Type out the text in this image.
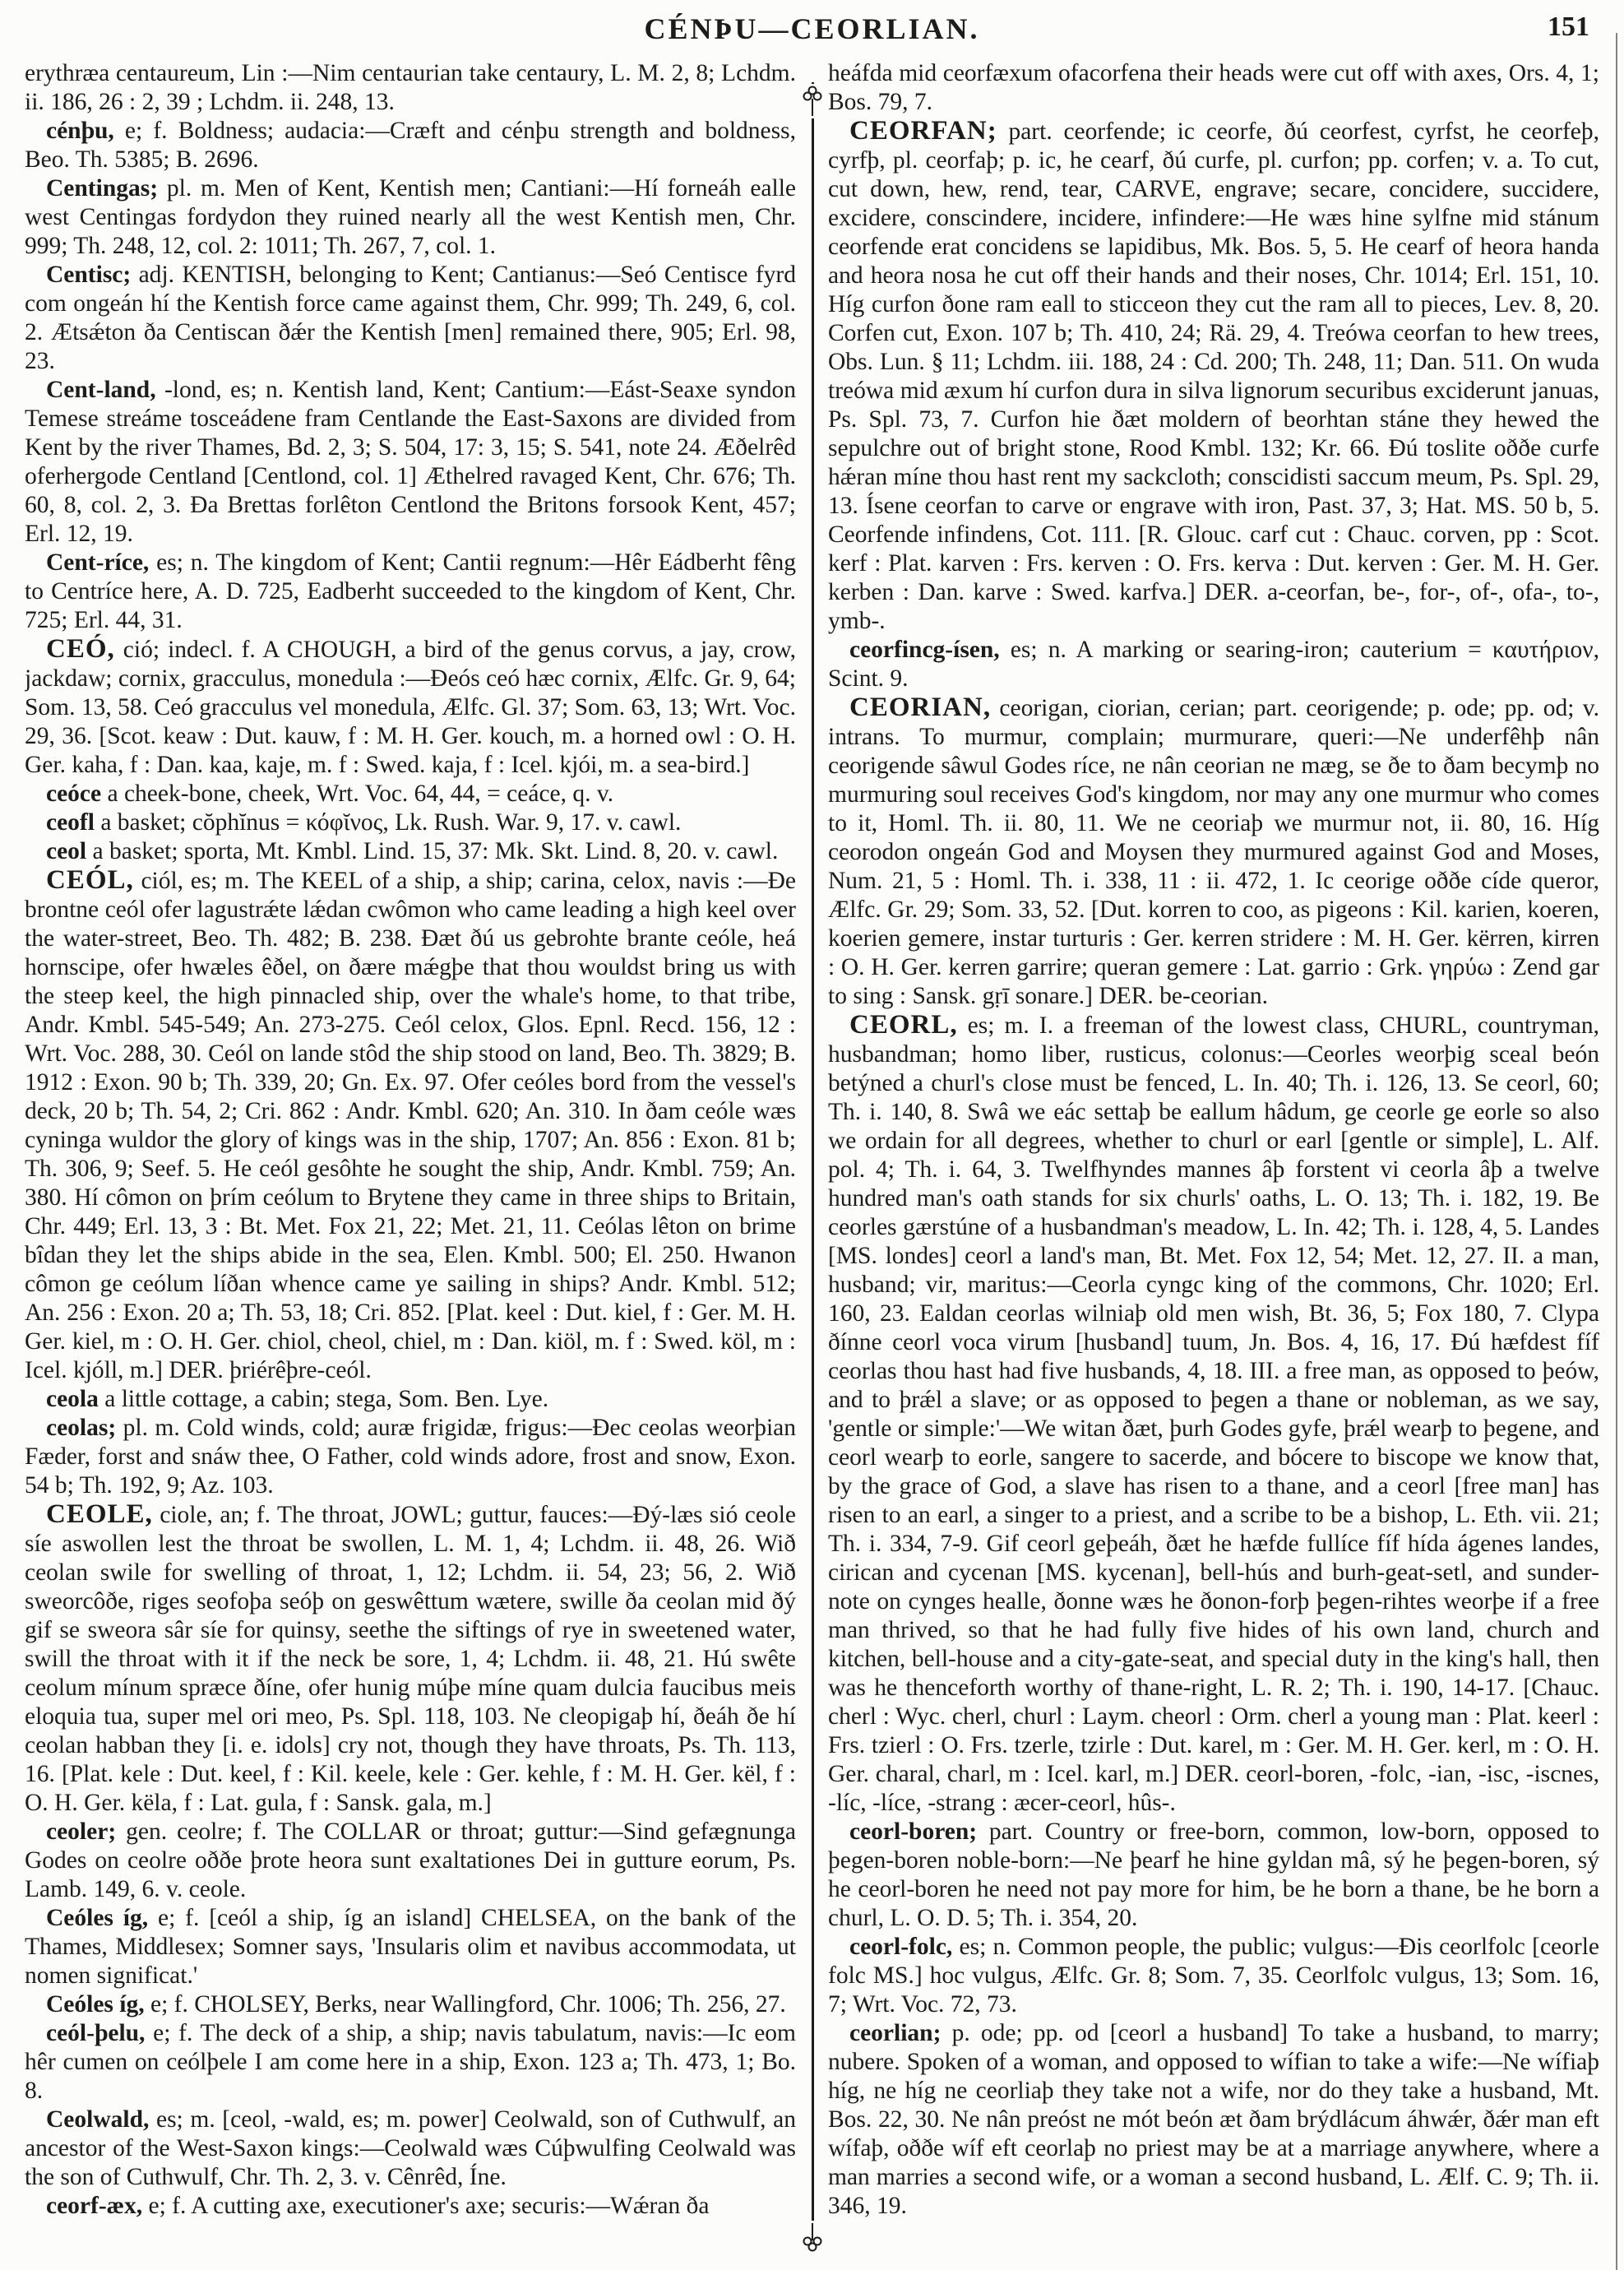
CÉNÞU—CEORLIAN.	151

erythræa centaureum, Lin :—Nim centaurian take centaury, L. M. 2, 8; Lchdm. ii. 186, 26 : 2, 39 ; Lchdm. ii. 248, 13.

cénþu, e; f. Boldness; audacia:—Cræft and cénþu strength and boldness, Beo. Th. 5385; B. 2696.

Centingas; pl. m. Men of Kent, Kentish men; Cantiani:—Hí forneáh ealle west Centingas fordydon they ruined nearly all the west Kentish men, Chr. 999; Th. 248, 12, col. 2: 1011; Th. 267, 7, col. 1.

Centisc; adj. KENTISH, belonging to Kent; Cantianus:—Seó Centisce fyrd com ongeán hí the Kentish force came against them, Chr. 999; Th. 249, 6, col. 2. Ætsǽton ða Centiscan ðǽr the Kentish [men] remained there, 905; Erl. 98, 23.

Cent-land, -lond, es; n. Kentish land, Kent; Cantium:—Eást-Seaxe syndon Temese streáme tosceádene fram Centlande the East-Saxons are divided from Kent by the river Thames, Bd. 2, 3; S. 504, 17: 3, 15; S. 541, note 24. Æðelrêd oferhergode Centland [Centlond, col. 1] Æthelred ravaged Kent, Chr. 676; Th. 60, 8, col. 2, 3. Ða Brettas forlêton Centlond the Britons forsook Kent, 457; Erl. 12, 19.

Cent-ríce, es; n. The kingdom of Kent; Cantii regnum:—Hêr Eádberht fêng to Centríce here, A. D. 725, Eadberht succeeded to the kingdom of Kent, Chr. 725; Erl. 44, 31.

CEÓ, ció; indecl. f. A CHOUGH, a bird of the genus corvus, a jay, crow, jackdaw; cornix, gracculus, monedula :—Ðeós ceó hæc cornix, Ælfc. Gr. 9, 64; Som. 13, 58. Ceó gracculus vel monedula, Ælfc. Gl. 37; Som. 63, 13; Wrt. Voc. 29, 36. [Scot. keaw : Dut. kauw, f : M. H. Ger. kouch, m. a horned owl : O. H. Ger. kaha, f : Dan. kaa, kaje, m. f : Swed. kaja, f : Icel. kjói, m. a sea-bird.]

ceóce a cheek-bone, cheek, Wrt. Voc. 64, 44, = ceáce, q. v.

ceofl a basket; cŏphĭnus = κόφῐνος, Lk. Rush. War. 9, 17. v. cawl.

ceol a basket; sporta, Mt. Kmbl. Lind. 15, 37: Mk. Skt. Lind. 8, 20. v. cawl.

CEÓL, ciól, es; m. The KEEL of a ship, a ship; carina, celox, navis :—Ðe brontne ceól ofer lagustrǽte lǽdan cwômon who came leading a high keel over the water-street, Beo. Th. 482; B. 238. Ðæt ðú us gebrohte brante ceóle, heá hornscipe, ofer hwæles êðel, on ðære mǽgþe that thou wouldst bring us with the steep keel, the high pinnacled ship, over the whale's home, to that tribe, Andr. Kmbl. 545-549; An. 273-275. Ceól celox, Glos. Epnl. Recd. 156, 12 : Wrt. Voc. 288, 30. Ceól on lande stôd the ship stood on land, Beo. Th. 3829; B. 1912 : Exon. 90 b; Th. 339, 20; Gn. Ex. 97. Ofer ceóles bord from the vessel's deck, 20 b; Th. 54, 2; Cri. 862 : Andr. Kmbl. 620; An. 310. In ðam ceóle wæs cyninga wuldor the glory of kings was in the ship, 1707; An. 856 : Exon. 81 b; Th. 306, 9; Seef. 5. He ceól gesôhte he sought the ship, Andr. Kmbl. 759; An. 380. Hí cômon on þrím ceólum to Brytene they came in three ships to Britain, Chr. 449; Erl. 13, 3 : Bt. Met. Fox 21, 22; Met. 21, 11. Ceólas lêton on brime bîdan they let the ships abide in the sea, Elen. Kmbl. 500; El. 250. Hwanon cômon ge ceólum líðan whence came ye sailing in ships? Andr. Kmbl. 512; An. 256 : Exon. 20 a; Th. 53, 18; Cri. 852. [Plat. keel : Dut. kiel, f : Ger. M. H. Ger. kiel, m : O. H. Ger. chiol, cheol, chiel, m : Dan. kiöl, m. f : Swed. köl, m : Icel. kjóll, m.] DER. þriérêþre-ceól.

ceola a little cottage, a cabin; stega, Som. Ben. Lye.

ceolas; pl. m. Cold winds, cold; auræ frigidæ, frigus:—Ðec ceolas weorþian Fæder, forst and snáw thee, O Father, cold winds adore, frost and snow, Exon. 54 b; Th. 192, 9; Az. 103.

CEOLE, ciole, an; f. The throat, JOWL; guttur, fauces:—Ðý-læs sió ceole síe aswollen lest the throat be swollen, L. M. 1, 4; Lchdm. ii. 48, 26. Wið ceolan swile for swelling of throat, 1, 12; Lchdm. ii. 54, 23; 56, 2. Wið sweorcôðe, riges seofoþa seóþ on geswêttum wætere, swille ða ceolan mid ðý gif se sweora sâr síe for quinsy, seethe the siftings of rye in sweetened water, swill the throat with it if the neck be sore, 1, 4; Lchdm. ii. 48, 21. Hú swête ceolum mínum spræce ðíne, ofer hunig múþe míne quam dulcia faucibus meis eloquia tua, super mel ori meo, Ps. Spl. 118, 103. Ne cleopigaþ hí, ðeáh ðe hí ceolan habban they [i. e. idols] cry not, though they have throats, Ps. Th. 113, 16. [Plat. kele : Dut. keel, f : Kil. keele, kele : Ger. kehle, f : M. H. Ger. kël, f : O. H. Ger. këla, f : Lat. gula, f : Sansk. gala, m.]

ceoler; gen. ceolre; f. The COLLAR or throat; guttur:—Sind gefægnunga Godes on ceolre oððe þrote heora sunt exaltationes Dei in gutture eorum, Ps. Lamb. 149, 6. v. ceole.

Ceóles íg, e; f. [ceól a ship, íg an island] CHELSEA, on the bank of the Thames, Middlesex; Somner says, 'Insularis olim et navibus accommodata, ut nomen significat.'

Ceóles íg, e; f. CHOLSEY, Berks, near Wallingford, Chr. 1006; Th. 256, 27.

ceól-þelu, e; f. The deck of a ship, a ship; navis tabulatum, navis:—Ic eom hêr cumen on ceólþele I am come here in a ship, Exon. 123 a; Th. 473, 1; Bo. 8.

Ceolwald, es; m. [ceol, -wald, es; m. power] Ceolwald, son of Cuthwulf, an ancestor of the West-Saxon kings:—Ceolwald wæs Cúþwulfing Ceolwald was the son of Cuthwulf, Chr. Th. 2, 3. v. Cênrêd, Íne.

ceorf-æx, e; f. A cutting axe, executioner's axe; securis:—Wǽran ða

heáfda mid ceorfæxum ofacorfena their heads were cut off with axes, Ors. 4, 1; Bos. 79, 7.

CEORFAN; part. ceorfende; ic ceorfe, ðú ceorfest, cyrfst, he ceorfeþ, cyrfþ, pl. ceorfaþ; p. ic, he cearf, ðú curfe, pl. curfon; pp. corfen; v. a. To cut, cut down, hew, rend, tear, CARVE, engrave; secare, concidere, succidere, excidere, conscindere, incidere, infindere:—He wæs hine sylfne mid stánum ceorfende erat concidens se lapidibus, Mk. Bos. 5, 5. He cearf of heora handa and heora nosa he cut off their hands and their noses, Chr. 1014; Erl. 151, 10. Híg curfon ðone ram eall to sticceon they cut the ram all to pieces, Lev. 8, 20. Corfen cut, Exon. 107 b; Th. 410, 24; Rä. 29, 4. Treówa ceorfan to hew trees, Obs. Lun. § 11; Lchdm. iii. 188, 24 : Cd. 200; Th. 248, 11; Dan. 511. On wuda treówa mid æxum hí curfon dura in silva lignorum securibus exciderunt januas, Ps. Spl. 73, 7. Curfon hie ðæt moldern of beorhtan stáne they hewed the sepulchre out of bright stone, Rood Kmbl. 132; Kr. 66. Ðú toslite oððe curfe hǽran míne thou hast rent my sackcloth; conscidisti saccum meum, Ps. Spl. 29, 13. Ísene ceorfan to carve or engrave with iron, Past. 37, 3; Hat. MS. 50 b, 5. Ceorfende infindens, Cot. 111. [R. Glouc. carf cut : Chauc. corven, pp : Scot. kerf : Plat. karven : Frs. kerven : O. Frs. kerva : Dut. kerven : Ger. M. H. Ger. kerben : Dan. karve : Swed. karfva.] DER. a-ceorfan, be-, for-, of-, ofa-, to-, ymb-.

ceorfincg-ísen, es; n. A marking or searing-iron; cauterium = καυτήριον, Scint. 9.

CEORIAN, ceorigan, ciorian, cerian; part. ceorigende; p. ode; pp. od; v. intrans. To murmur, complain; murmurare, queri:—Ne underfêhþ nân ceorigende sâwul Godes ríce, ne nân ceorian ne mæg, se ðe to ðam becymþ no murmuring soul receives God's kingdom, nor may any one murmur who comes to it, Homl. Th. ii. 80, 11. We ne ceoriaþ we murmur not, ii. 80, 16. Híg ceorodon ongeán God and Moysen they murmured against God and Moses, Num. 21, 5 : Homl. Th. i. 338, 11 : ii. 472, 1. Ic ceorige oððe cíde queror, Ælfc. Gr. 29; Som. 33, 52. [Dut. korren to coo, as pigeons : Kil. karien, koeren, koerien gemere, instar turturis : Ger. kerren stridere : M. H. Ger. kërren, kirren : O. H. Ger. kerren garrire; queran gemere : Lat. garrio : Grk. γηρύω : Zend gar to sing : Sansk. gṛī sonare.] DER. be-ceorian.

CEORL, es; m. I. a freeman of the lowest class, CHURL, countryman, husbandman; homo liber, rusticus, colonus:—Ceorles weorþig sceal beón betýned a churl's close must be fenced, L. In. 40; Th. i. 126, 13. Se ceorl, 60; Th. i. 140, 8. Swâ we eác settaþ be eallum hâdum, ge ceorle ge eorle so also we ordain for all degrees, whether to churl or earl [gentle or simple], L. Alf. pol. 4; Th. i. 64, 3. Twelfhyndes mannes âþ forstent vi ceorla âþ a twelve hundred man's oath stands for six churls' oaths, L. O. 13; Th. i. 182, 19. Be ceorles gærstúne of a husbandman's meadow, L. In. 42; Th. i. 128, 4, 5. Landes [MS. londes] ceorl a land's man, Bt. Met. Fox 12, 54; Met. 12, 27. II. a man, husband; vir, maritus:—Ceorla cyngc king of the commons, Chr. 1020; Erl. 160, 23. Ealdan ceorlas wilniaþ old men wish, Bt. 36, 5; Fox 180, 7. Clypa ðínne ceorl voca virum [husband] tuum, Jn. Bos. 4, 16, 17. Ðú hæfdest fíf ceorlas thou hast had five husbands, 4, 18. III. a free man, as opposed to þeów, and to þrǽl a slave; or as opposed to þegen a thane or nobleman, as we say, 'gentle or simple:'—We witan ðæt, þurh Godes gyfe, þrǽl wearþ to þegene, and ceorl wearþ to eorle, sangere to sacerde, and bócere to biscope we know that, by the grace of God, a slave has risen to a thane, and a ceorl [free man] has risen to an earl, a singer to a priest, and a scribe to be a bishop, L. Eth. vii. 21; Th. i. 334, 7-9. Gif ceorl geþeáh, ðæt he hæfde fullíce fíf hída ágenes landes, cirican and cycenan [MS. kycenan], bell-hús and burh-geat-setl, and sunder-note on cynges healle, ðonne wæs he ðonon-forþ þegen-rihtes weorþe if a free man thrived, so that he had fully five hides of his own land, church and kitchen, bell-house and a city-gate-seat, and special duty in the king's hall, then was he thenceforth worthy of thane-right, L. R. 2; Th. i. 190, 14-17. [Chauc. cherl : Wyc. cherl, churl : Laym. cheorl : Orm. cherl a young man : Plat. keerl : Frs. tzierl : O. Frs. tzerle, tzirle : Dut. karel, m : Ger. M. H. Ger. kerl, m : O. H. Ger. charal, charl, m : Icel. karl, m.] DER. ceorl-boren, -folc, -ian, -isc, -iscnes, -líc, -líce, -strang : æcer-ceorl, hûs-.

ceorl-boren; part. Country or free-born, common, low-born, opposed to þegen-boren noble-born:—Ne þearf he hine gyldan mâ, sý he þegen-boren, sý he ceorl-boren he need not pay more for him, be he born a thane, be he born a churl, L. O. D. 5; Th. i. 354, 20.

ceorl-folc, es; n. Common people, the public; vulgus:—Ðis ceorlfolc [ceorle folc MS.] hoc vulgus, Ælfc. Gr. 8; Som. 7, 35. Ceorlfolc vulgus, 13; Som. 16, 7; Wrt. Voc. 72, 73.

ceorlian; p. ode; pp. od [ceorl a husband] To take a husband, to marry; nubere. Spoken of a woman, and opposed to wífian to take a wife:—Ne wífiaþ híg, ne híg ne ceorliaþ they take not a wife, nor do they take a husband, Mt. Bos. 22, 30. Ne nân preóst ne mót beón æt ðam brýdlácum áhwǽr, ðǽr man eft wífaþ, oððe wíf eft ceorlaþ no priest may be at a marriage anywhere, where a man marries a second wife, or a woman a second husband, L. Ælf. C. 9; Th. ii. 346, 19.
